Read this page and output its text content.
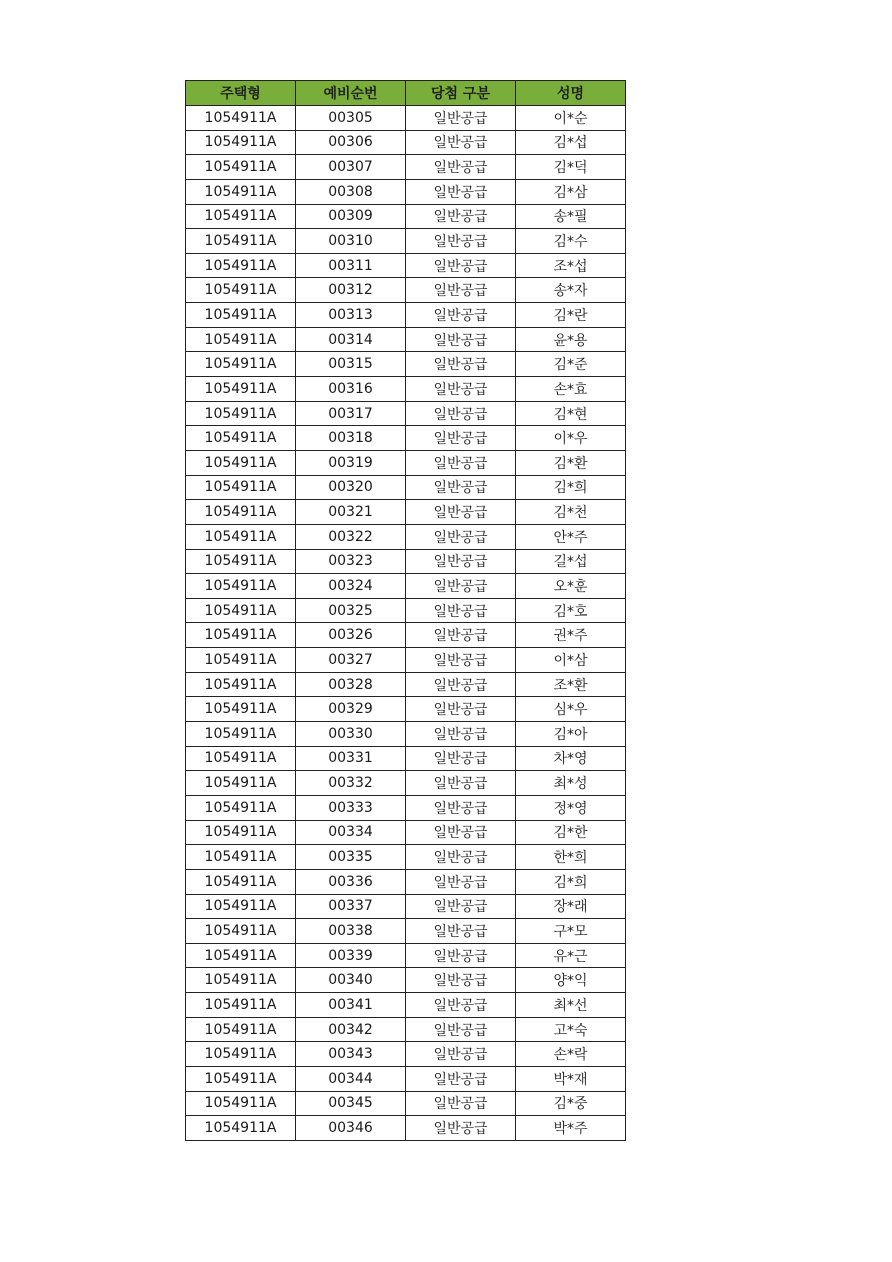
주택형	예비순번	당첨 구분	성명
1054911A	00305	일반공급	이*순
1054911A	00306	일반공급	김*섭
1054911A	00307	일반공급	김*덕
1054911A	00308	일반공급	김*삼
1054911A	00309	일반공급	송*필
1054911A	00310	일반공급	김*수
1054911A	00311	일반공급	조*섭
1054911A	00312	일반공급	송*자
1054911A	00313	일반공급	김*란
1054911A	00314	일반공급	윤*용
1054911A	00315	일반공급	김*준
1054911A	00316	일반공급	손*효
1054911A	00317	일반공급	김*현
1054911A	00318	일반공급	이*우
1054911A	00319	일반공급	김*환
1054911A	00320	일반공급	김*희
1054911A	00321	일반공급	김*천
1054911A	00322	일반공급	안*주
1054911A	00323	일반공급	길*섭
1054911A	00324	일반공급	오*훈
1054911A	00325	일반공급	김*호
1054911A	00326	일반공급	권*주
1054911A	00327	일반공급	이*삼
1054911A	00328	일반공급	조*환
1054911A	00329	일반공급	심*우
1054911A	00330	일반공급	김*아
1054911A	00331	일반공급	차*영
1054911A	00332	일반공급	최*성
1054911A	00333	일반공급	정*영
1054911A	00334	일반공급	김*한
1054911A	00335	일반공급	한*희
1054911A	00336	일반공급	김*희
1054911A	00337	일반공급	장*래
1054911A	00338	일반공급	구*모
1054911A	00339	일반공급	유*근
1054911A	00340	일반공급	양*익
1054911A	00341	일반공급	최*선
1054911A	00342	일반공급	고*숙
1054911A	00343	일반공급	손*락
1054911A	00344	일반공급	박*재
1054911A	00345	일반공급	김*중
1054911A	00346	일반공급	박*주
